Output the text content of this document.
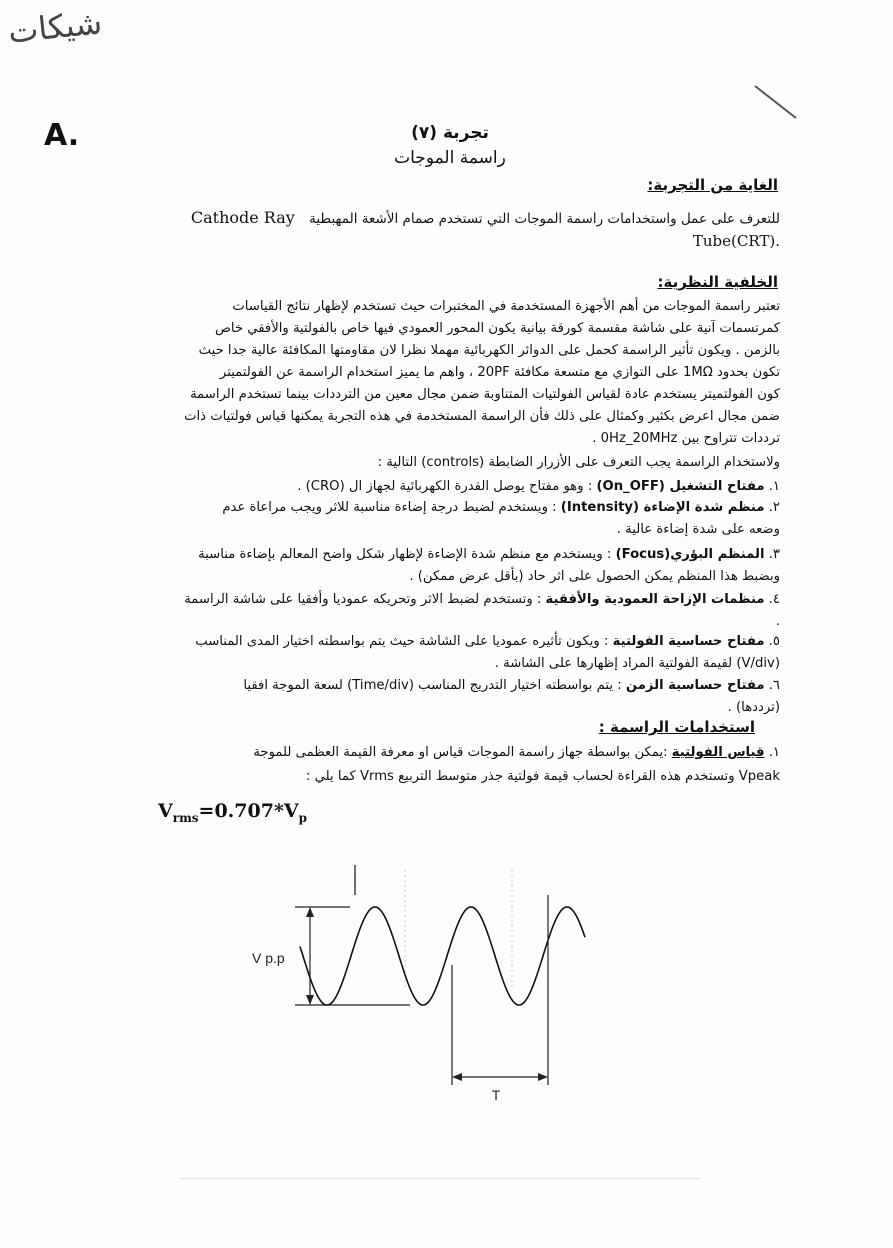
شيكات
A.	تجربة (٧)
راسمة الموجات
الغاية من التجربة:
للتعرف على عمل واستخدامات راسمة الموجات التي تستخدم صمام الأشعة المهبطية Cathode Ray
.Tube(CRT)
الخلفية النظرية:
تعتبر راسمة الموجات من أهم الأجهزة المستخدمة في المختبرات حيث تستخدم لإظهار نتائج القياسات
كمرتسمات آنية على شاشة مقسمة كورقة بيانية يكون المحور العمودي فيها خاص بالفولتية والأفقي خاص
بالزمن . ويكون تأثير الراسمة كحمل على الدوائر الكهربائية مهملا نظرا لان مقاومتها المكافئة عالية جدا حيث
تكون بحدود 1MΩ على التوازي مع متسعة مكافئة 20PF ، واهم ما يميز استخدام الراسمة عن الفولتميتر
كون الفولتميتر يستخدم عادة لقياس الفولتيات المتناوبة ضمن مجال معين من الترددات بينما تستخدم الراسمة
ضمن مجال اعرض بكثير وكمثال على ذلك فأن الراسمة المستخدمة في هذه التجربة يمكنها قياس فولتيات ذات
ترددات تتراوح بين 0Hz_20MHz .
ولاستخدام الراسمة يجب التعرف على الأزرار الضابطة (controls) التالية :
١. مفتاح التشغيل (On_OFF) : وهو مفتاح يوصل القدرة الكهربائية لجهاز ال (CRO) .
٢. منظم شدة الإضاءة (Intensity) : ويستخدم لضبط درجة إضاءة مناسبة للاثر ويجب مراعاة عدم
وضعه على شدة إضاءة عالية .
٣. المنظم البؤري(Focus) : ويستخدم مع منظم شدة الإضاءة لإظهار شكل واضح المعالم بإضاءة مناسبة
وبضبط هذا المنظم يمكن الحصول على اثر حاد (بأقل عرض ممكن) .
٤. منظمات الإزاحة العمودية والأفقية : وتستخدم لضبط الاثر وتحريكه عموديا وأفقيا على شاشة الراسمة
.
٥. مفتاح حساسية الفولتية : ويكون تأثيره عموديا على الشاشة حيث يتم بواسطته اختيار المدى المناسب
(V/div) لقيمة الفولتية المراد إظهارها على الشاشة .
٦. مفتاح حساسية الزمن : يتم بواسطته اختيار التدريج المناسب (Time/div) لسعة الموجة افقيا
(ترددها) .
استخدامات الراسمة :
١. قياس الفولتية :يمكن بواسطة جهاز راسمة الموجات قياس او معرفة القيمة العظمى للموجة
Vpeak وتستخدم هذه القراءة لحساب قيمة فولتية جذر متوسط التربيع Vrms كما يلي :
$V_{rms}=0.707*V_p$
V p.p
T
